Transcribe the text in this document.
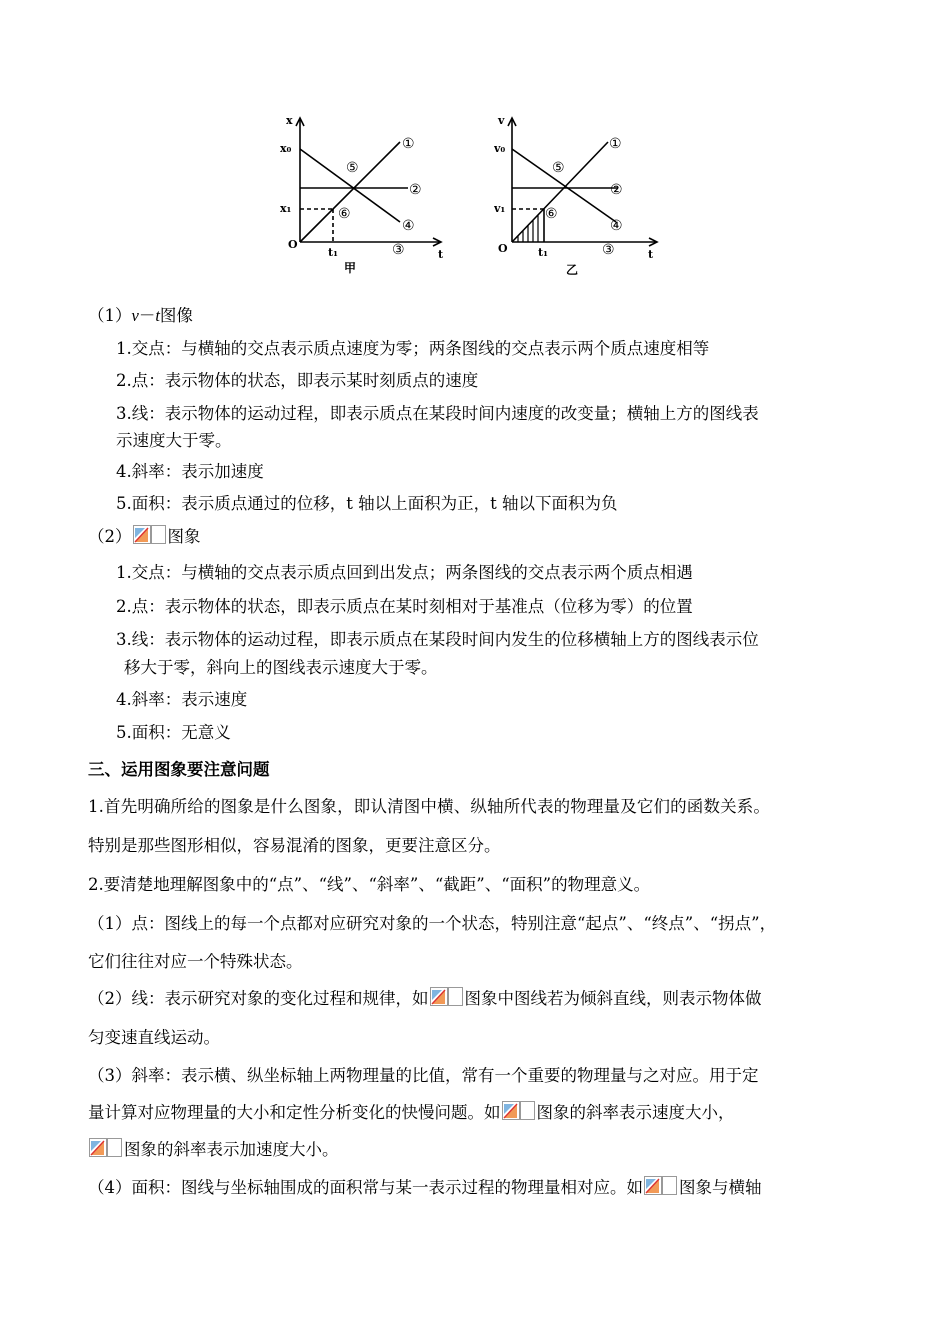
x
x₀
x₁
O
t₁	t
甲
①
②
③
④
⑤
⑥
v
v₀
v₁
O	t₁	t
乙
①
②
③
④
⑤
⑥
（1）v－t图像
1.交点：与横轴的交点表示质点速度为零；两条图线的交点表示两个质点速度相等
2.点：表示物体的状态，即表示某时刻质点的速度
3.线：表示物体的运动过程，即表示质点在某段时间内速度的改变量；横轴上方的图线表
示速度大于零。
4.斜率：表示加速度
5.面积：表示质点通过的位移，t 轴以上面积为正，t 轴以下面积为负
（2） 图象
1.交点：与横轴的交点表示质点回到出发点；两条图线的交点表示两个质点相遇
2.点：表示物体的状态，即表示质点在某时刻相对于基准点（位移为零）的位置
3.线：表示物体的运动过程，即表示质点在某段时间内发生的位移横轴上方的图线表示位
移大于零，斜向上的图线表示速度大于零。
4.斜率：表示速度
5.面积：无意义
三、运用图象要注意问题
1.首先明确所给的图象是什么图象，即认清图中横、纵轴所代表的物理量及它们的函数关系。
特别是那些图形相似，容易混淆的图象，更要注意区分。
2.要清楚地理解图象中的“点”、“线”、“斜率”、“截距”、“面积”的物理意义。
（1）点：图线上的每一个点都对应研究对象的一个状态，特别注意“起点”、“终点”、“拐点”，
它们往往对应一个特殊状态。
（2）线：表示研究对象的变化过程和规律，如 图象中图线若为倾斜直线，则表示物体做
匀变速直线运动。
（3）斜率：表示横、纵坐标轴上两物理量的比值，常有一个重要的物理量与之对应。用于定
量计算对应物理量的大小和定性分析变化的快慢问题。如 图象的斜率表示速度大小，
图象的斜率表示加速度大小。
（4）面积：图线与坐标轴围成的面积常与某一表示过程的物理量相对应。如 图象与横轴
